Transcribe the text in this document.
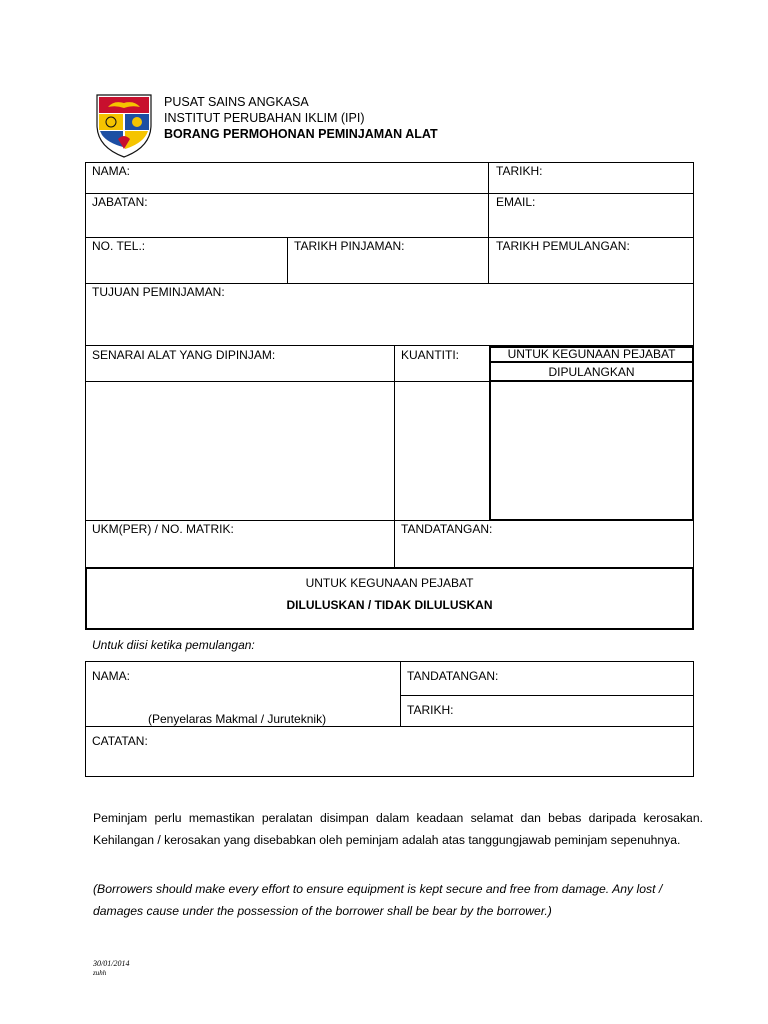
PUSAT SAINS ANGKASA
INSTITUT PERUBAHAN IKLIM (IPI)
BORANG PERMOHONAN PEMINJAMAN ALAT
NAMA:	TARIKH:
JABATAN:	EMAIL:
NO. TEL.:	TARIKH PINJAMAN:	TARIKH PEMULANGAN:
TUJUAN PEMINJAMAN:
SENARAI ALAT YANG DIPINJAM:	KUANTITI:	UNTUK KEGUNAAN PEJABAT
DIPULANGKAN
UKM(PER) / NO. MATRIK:	TANDATANGAN:
UNTUK KEGUNAAN PEJABAT
DILULUSKAN / TIDAK DILULUSKAN
Untuk diisi ketika pemulangan:
NAMA:
(Penyelaras Makmal / Juruteknik)
TANDATANGAN:
TARIKH:
CATATAN:
Peminjam perlu memastikan peralatan disimpan dalam keadaan selamat dan bebas daripada kerosakan. Kehilangan / kerosakan yang disebabkan oleh peminjam adalah atas tanggungjawab peminjam sepenuhnya.
(Borrowers should make every effort to ensure equipment is kept secure and free from damage. Any lost / damages cause under the possession of the borrower shall be bear by the borrower.)
30/01/2014
zuhh
